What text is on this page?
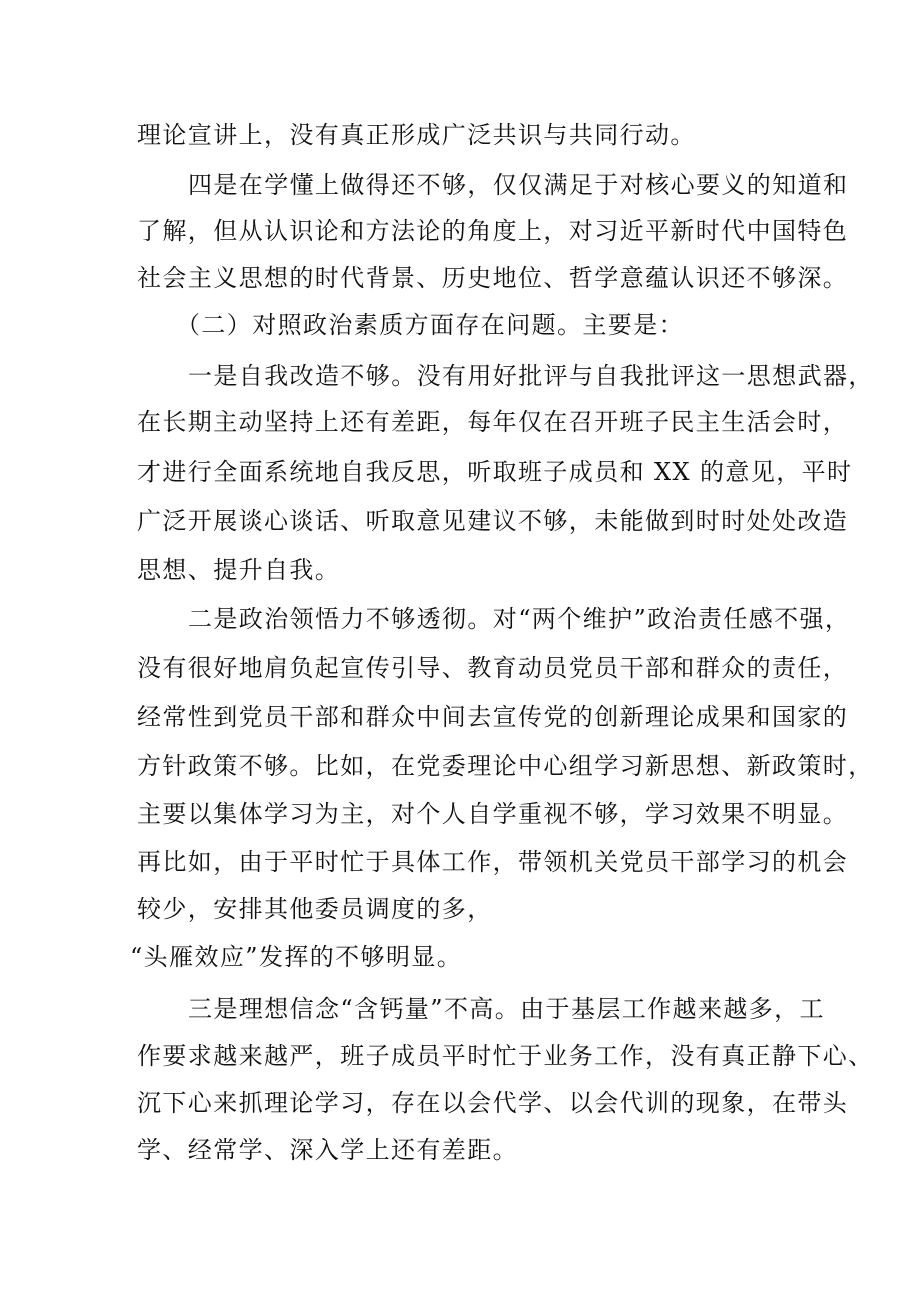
理论宣讲上，没有真正形成广泛共识与共同行动。
四是在学懂上做得还不够，仅仅满足于对核心要义的知道和
了解，但从认识论和方法论的角度上，对习近平新时代中国特色
社会主义思想的时代背景、历史地位、哲学意蕴认识还不够深。
（二）对照政治素质方面存在问题。主要是：
一是自我改造不够。没有用好批评与自我批评这一思想武器，
在长期主动坚持上还有差距，每年仅在召开班子民主生活会时，
才进行全面系统地自我反思，听取班子成员和 XX 的意见，平时
广泛开展谈心谈话、听取意见建议不够，未能做到时时处处改造
思想、提升自我。
二是政治领悟力不够透彻。对“两个维护”政治责任感不强，
没有很好地肩负起宣传引导、教育动员党员干部和群众的责任，
经常性到党员干部和群众中间去宣传党的创新理论成果和国家的
方针政策不够。比如，在党委理论中心组学习新思想、新政策时，
主要以集体学习为主，对个人自学重视不够，学习效果不明显。
再比如，由于平时忙于具体工作，带领机关党员干部学习的机会
较少，安排其他委员调度的多，
“头雁效应”发挥的不够明显。
三是理想信念“含钙量”不高。由于基层工作越来越多，工
作要求越来越严，班子成员平时忙于业务工作，没有真正静下心、
沉下心来抓理论学习，存在以会代学、以会代训的现象，在带头
学、经常学、深入学上还有差距。
